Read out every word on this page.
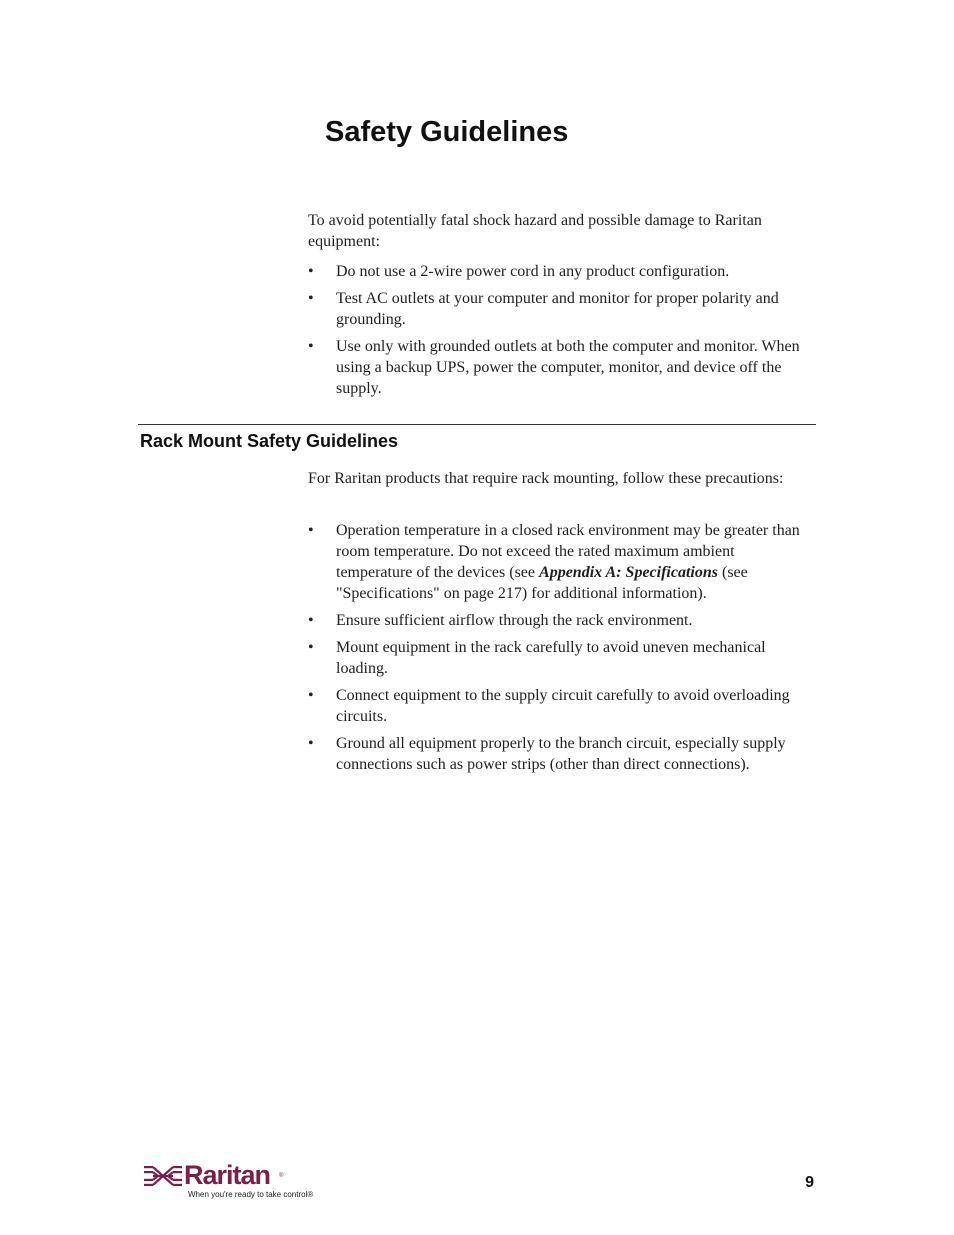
Safety Guidelines

To avoid potentially fatal shock hazard and possible damage to Raritan equipment:

•	Do not use a 2-wire power cord in any product configuration.
•	Test AC outlets at your computer and monitor for proper polarity and grounding.
•	Use only with grounded outlets at both the computer and monitor. When using a backup UPS, power the computer, monitor, and device off the supply.
Rack Mount Safety Guidelines

For Raritan products that require rack mounting, follow these precautions:

•	Operation temperature in a closed rack environment may be greater than room temperature. Do not exceed the rated maximum ambient temperature of the devices (see Appendix A: Specifications (see "Specifications" on page 217) for additional information).
•	Ensure sufficient airflow through the rack environment.
•	Mount equipment in the rack carefully to avoid uneven mechanical loading.
•	Connect equipment to the supply circuit carefully to avoid overloading circuits.
•	Ground all equipment properly to the branch circuit, especially supply connections such as power strips (other than direct connections).
Raritan ®
When you're ready to take control®
9
